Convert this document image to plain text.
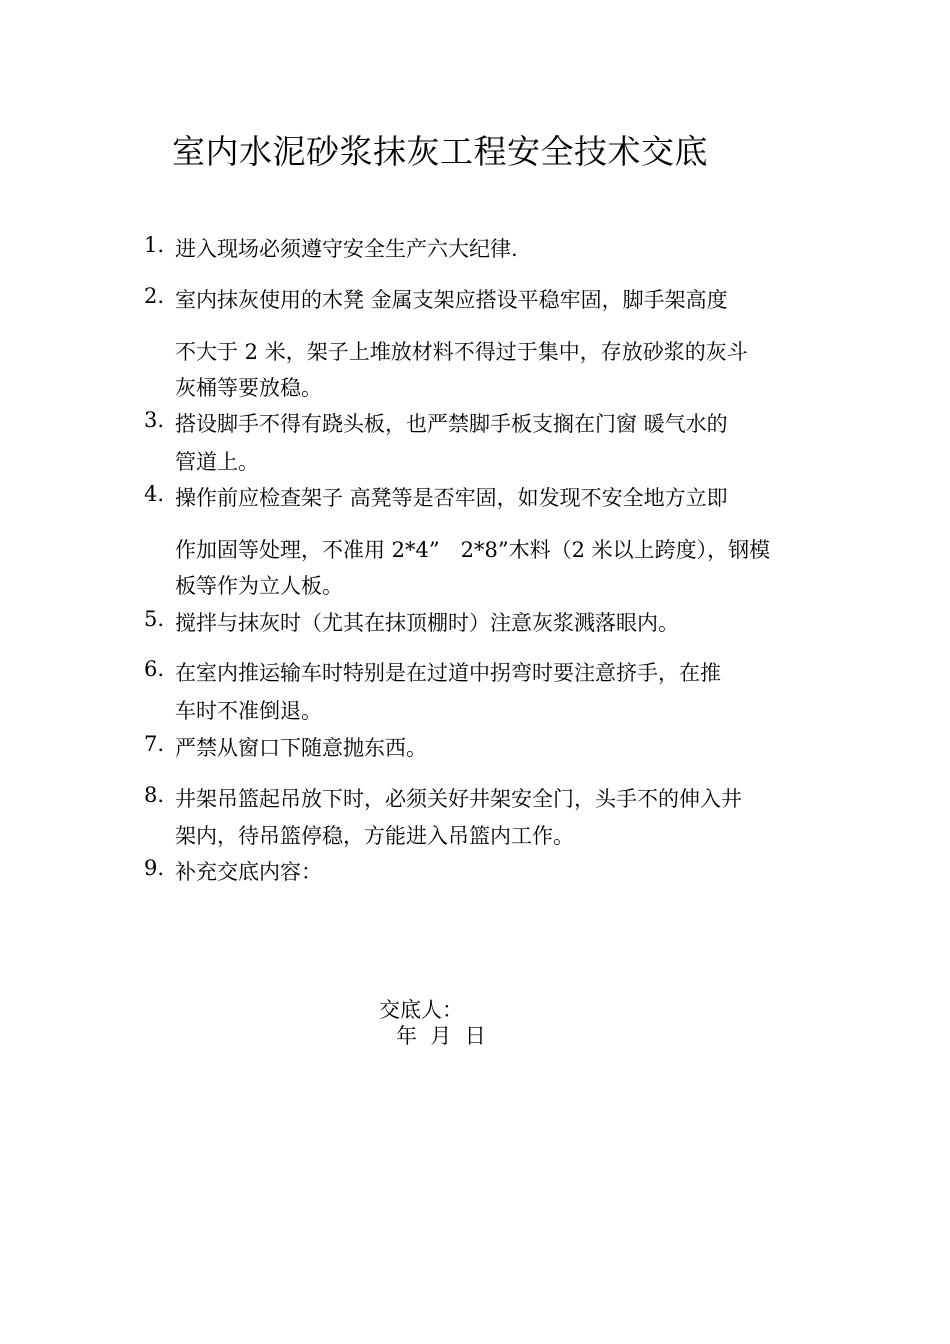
室内水泥砂浆抹灰工程安全技术交底
1. 进入现场必须遵守安全生产六大纪律.
2. 室内抹灰使用的木凳 金属支架应搭设平稳牢固，脚手架高度
不大于 2 米，架子上堆放材料不得过于集中，存放砂浆的灰斗
灰桶等要放稳。
3. 搭设脚手不得有跷头板，也严禁脚手板支搁在门窗 暖气水的
管道上。
4. 操作前应检查架子 高凳等是否牢固，如发现不安全地方立即
作加固等处理，不准用 2*4”　2*8”木料（2 米以上跨度），钢模
板等作为立人板。
5. 搅拌与抹灰时（尤其在抹顶棚时）注意灰浆溅落眼内。
6. 在室内推运输车时特别是在过道中拐弯时要注意挤手，在推
车时不准倒退。
7. 严禁从窗口下随意抛东西。
8. 井架吊篮起吊放下时，必须关好井架安全门，头手不的伸入井
架内，待吊篮停稳，方能进入吊篮内工作。
9. 补充交底内容：
交底人：
年  月  日
